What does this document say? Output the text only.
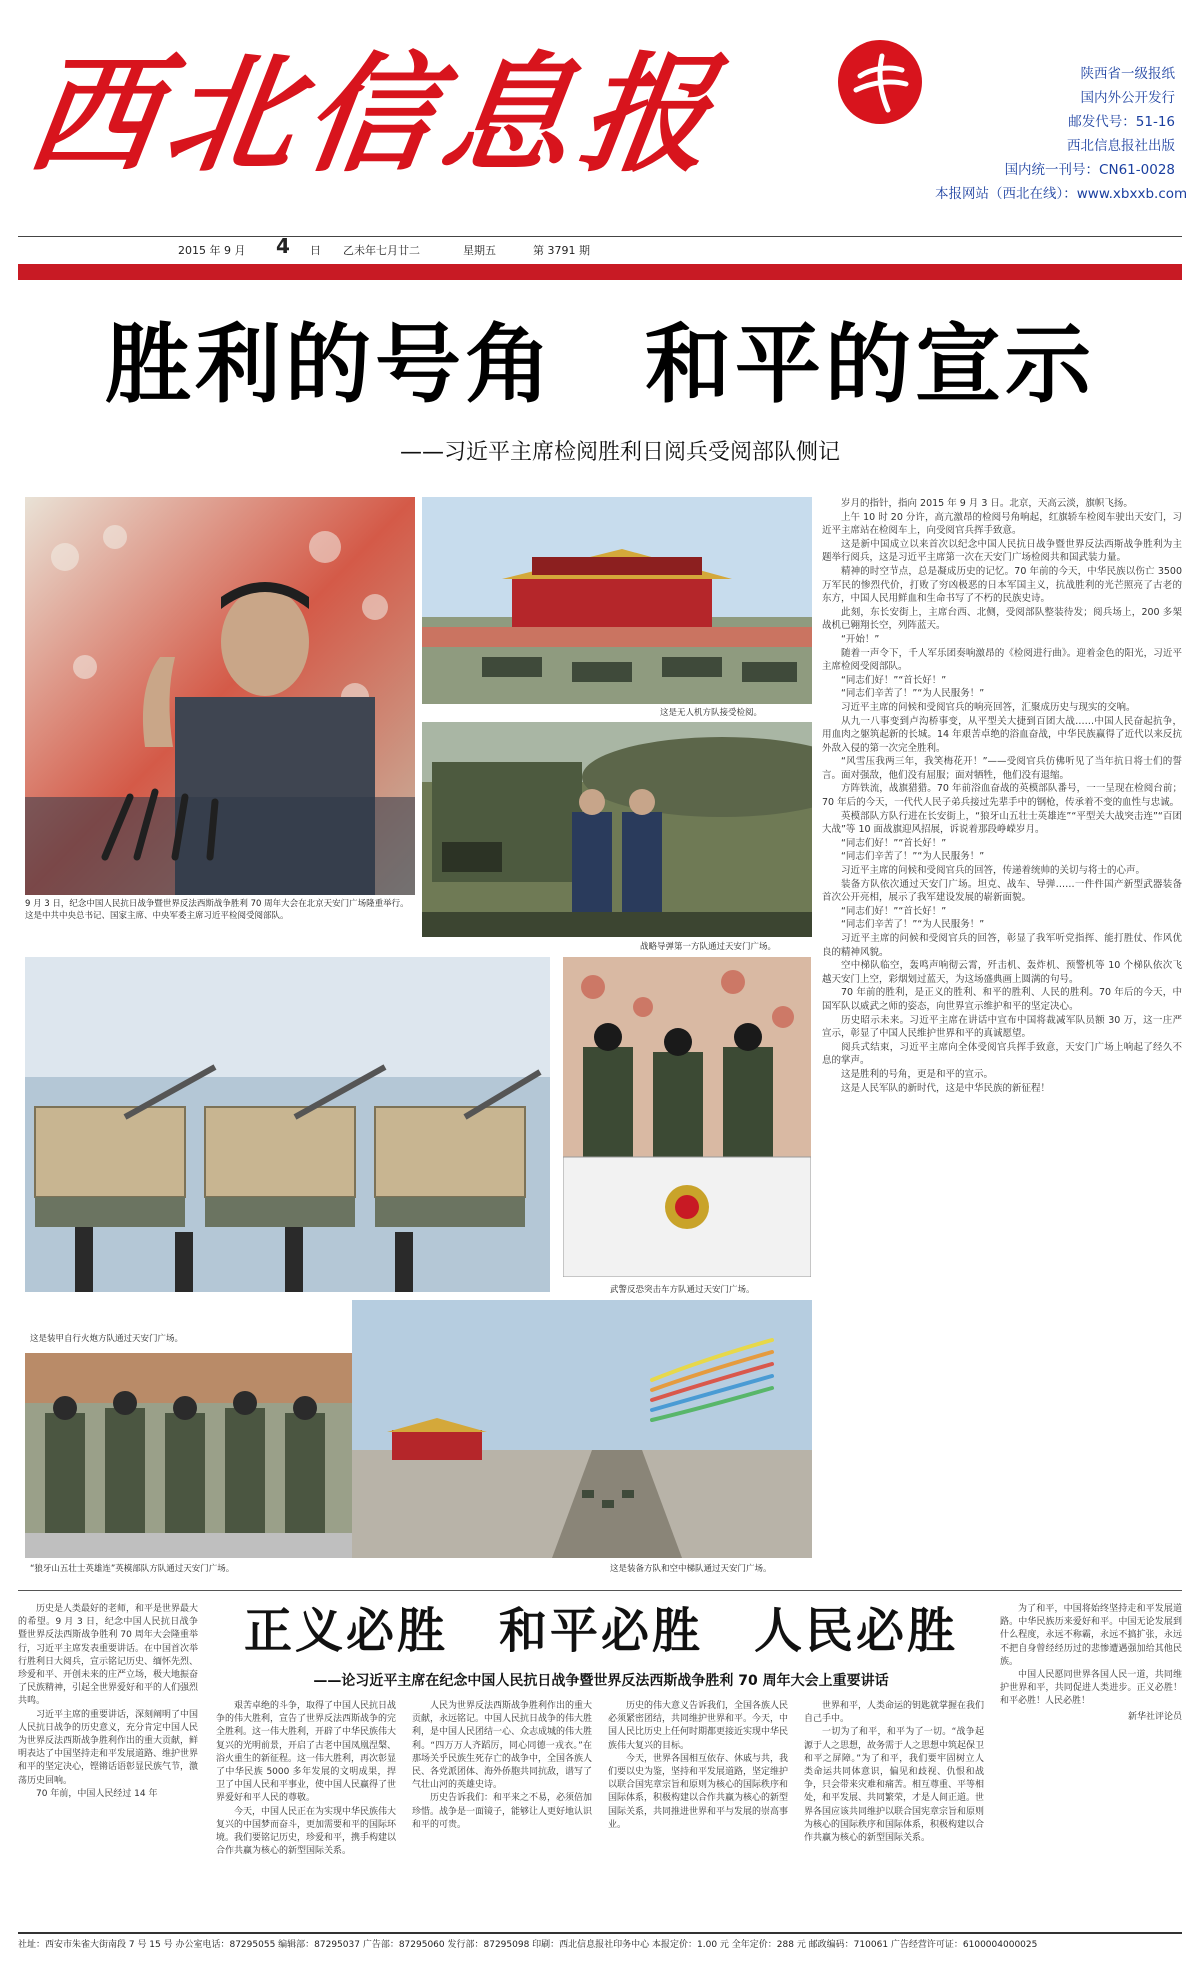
西北信息报	陕西省一级报纸
国内外公开发行
邮发代号：51-16
西北信息报社出版
国内统一刊号：CN61-0028
本报网站（西北在线）：www.xbxxb.com
2015 年 9 月 4 日 乙未年七月廿二	星期五	第 3791 期
胜利的号角　和平的宣示
——习近平主席检阅胜利日阅兵受阅部队侧记
9 月 3 日，纪念中国人民抗日战争暨世界反法西斯战争胜利 70 周年大会在北京天安门广场隆重举行。这是中共中央总书记、国家主席、中央军委主席习近平检阅受阅部队。
这是无人机方队接受检阅。
战略导弹第一方队通过天安门广场。
这是装甲自行火炮方队通过天安门广场。
武警反恐突击车方队通过天安门广场。
“狼牙山五壮士英雄连”英模部队方队通过天安门广场。	这是装备方队和空中梯队通过天安门广场。

岁月的指针，指向 2015 年 9 月 3 日。北京，天高云淡，旗帜飞扬。

上午 10 时 20 分许，高亢激昂的检阅号角响起，红旗轿车检阅车驶出天安门，习近平主席站在检阅车上，向受阅官兵挥手致意。

这是新中国成立以来首次以纪念中国人民抗日战争暨世界反法西斯战争胜利为主题举行阅兵，这是习近平主席第一次在天安门广场检阅共和国武装力量。

精神的时空节点，总是凝成历史的记忆。70 年前的今天，中华民族以伤亡 3500 万军民的惨烈代价，打败了穷凶极恶的日本军国主义，抗战胜利的光芒照亮了古老的东方，中国人民用鲜血和生命书写了不朽的民族史诗。

此刻，东长安街上，主席台西、北侧，受阅部队整装待发；阅兵场上，200 多架战机已翱翔长空，列阵蓝天。

“开始！”

随着一声令下，千人军乐团奏响激昂的《检阅进行曲》。迎着金色的阳光，习近平主席检阅受阅部队。

“同志们好！”“首长好！”

“同志们辛苦了！”“为人民服务！”

习近平主席的问候和受阅官兵的响亮回答，汇聚成历史与现实的交响。

从九一八事变到卢沟桥事变，从平型关大捷到百团大战……中国人民奋起抗争，用血肉之躯筑起新的长城。14 年艰苦卓绝的浴血奋战，中华民族赢得了近代以来反抗外敌入侵的第一次完全胜利。

“风雪压我两三年，我笑梅花开！”——受阅官兵仿佛听见了当年抗日将士们的誓言。面对强敌，他们没有屈服；面对牺牲，他们没有退缩。

方阵铁流，战旗猎猎。70 年前浴血奋战的英模部队番号，一一呈现在检阅台前；70 年后的今天，一代代人民子弟兵接过先辈手中的钢枪，传承着不变的血性与忠诚。

英模部队方队行进在长安街上，“狼牙山五壮士英雄连”“平型关大战突击连”“百团大战”等 10 面战旗迎风招展，诉说着那段峥嵘岁月。

“同志们好！”“首长好！”

“同志们辛苦了！”“为人民服务！”

习近平主席的问候和受阅官兵的回答，传递着统帅的关切与将士的心声。

装备方队依次通过天安门广场。坦克、战车、导弹……一件件国产新型武器装备首次公开亮相，展示了我军建设发展的崭新面貌。

“同志们好！”“首长好！”

“同志们辛苦了！”“为人民服务！”

习近平主席的问候和受阅官兵的回答，彰显了我军听党指挥、能打胜仗、作风优良的精神风貌。

空中梯队临空，轰鸣声响彻云霄，歼击机、轰炸机、预警机等 10 个梯队依次飞越天安门上空，彩烟划过蓝天，为这场盛典画上圆满的句号。

70 年前的胜利，是正义的胜利、和平的胜利、人民的胜利。70 年后的今天，中国军队以威武之师的姿态，向世界宣示维护和平的坚定决心。

历史昭示未来。习近平主席在讲话中宣布中国将裁减军队员额 30 万，这一庄严宣示，彰显了中国人民维护世界和平的真诚愿望。

阅兵式结束，习近平主席向全体受阅官兵挥手致意，天安门广场上响起了经久不息的掌声。

这是胜利的号角，更是和平的宣示。

这是人民军队的新时代，这是中华民族的新征程！

正义必胜　和平必胜　人民必胜
——论习近平主席在纪念中国人民抗日战争暨世界反法西斯战争胜利 70 周年大会上重要讲话

历史是人类最好的老师，和平是世界最大的希望。9 月 3 日，纪念中国人民抗日战争暨世界反法西斯战争胜利 70 周年大会隆重举行，习近平主席发表重要讲话。在中国首次举行胜利日大阅兵，宣示铭记历史、缅怀先烈、珍爱和平、开创未来的庄严立场，极大地振奋了民族精神，引起全世界爱好和平的人们强烈共鸣。

习近平主席的重要讲话，深刻阐明了中国人民抗日战争的历史意义，充分肯定中国人民为世界反法西斯战争胜利作出的重大贡献，鲜明表达了中国坚持走和平发展道路、维护世界和平的坚定决心，铿锵话语彰显民族气节，激荡历史回响。

70 年前，中国人民经过 14 年

艰苦卓绝的斗争，取得了中国人民抗日战争的伟大胜利，宣告了世界反法西斯战争的完全胜利。这一伟大胜利，开辟了中华民族伟大复兴的光明前景，开启了古老中国凤凰涅槃、浴火重生的新征程。这一伟大胜利，再次彰显了中华民族 5000 多年发展的文明成果，捍卫了中国人民和平事业，使中国人民赢得了世界爱好和平人民的尊敬。

今天，中国人民正在为实现中华民族伟大复兴的中国梦而奋斗，更加需要和平的国际环境。我们要铭记历史，珍爱和平，携手构建以合作共赢为核心的新型国际关系。

人民为世界反法西斯战争胜利作出的重大贡献，永远铭记。中国人民抗日战争的伟大胜利，是中国人民团结一心、众志成城的伟大胜利。“四万万人齐蹈厉，同心同德一戎衣。”在那场关乎民族生死存亡的战争中，全国各族人民、各党派团体、海外侨胞共同抗敌，谱写了气壮山河的英雄史诗。

历史告诉我们：和平来之不易，必须倍加珍惜。战争是一面镜子，能够让人更好地认识和平的可贵。

历史的伟大意义告诉我们，全国各族人民必须紧密团结，共同维护世界和平。今天，中国人民比历史上任何时期都更接近实现中华民族伟大复兴的目标。

今天，世界各国相互依存、休戚与共，我们要以史为鉴，坚持和平发展道路，坚定维护以联合国宪章宗旨和原则为核心的国际秩序和国际体系，积极构建以合作共赢为核心的新型国际关系，共同推进世界和平与发展的崇高事业。

世界和平，人类命运的钥匙就掌握在我们自己手中。

一切为了和平，和平为了一切。“战争起源于人之思想，故务需于人之思想中筑起保卫和平之屏障。”为了和平，我们要牢固树立人类命运共同体意识，偏见和歧视、仇恨和战争，只会带来灾难和痛苦。相互尊重、平等相处，和平发展、共同繁荣，才是人间正道。世界各国应该共同维护以联合国宪章宗旨和原则为核心的国际秩序和国际体系，积极构建以合作共赢为核心的新型国际关系。

为了和平，中国将始终坚持走和平发展道路。中华民族历来爱好和平。中国无论发展到什么程度，永远不称霸，永远不搞扩张，永远不把自身曾经经历过的悲惨遭遇强加给其他民族。

中国人民愿同世界各国人民一道，共同维护世界和平，共同促进人类进步。正义必胜！和平必胜！人民必胜！

新华社评论员

社址：西安市朱雀大街南段 7 号 15 号 办公室电话：87295055 编辑部：87295037 广告部：87295060 发行部：87295098 印刷：西北信息报社印务中心 本报定价：1.00 元 全年定价：288 元 邮政编码：710061 广告经营许可证：6100004000025
